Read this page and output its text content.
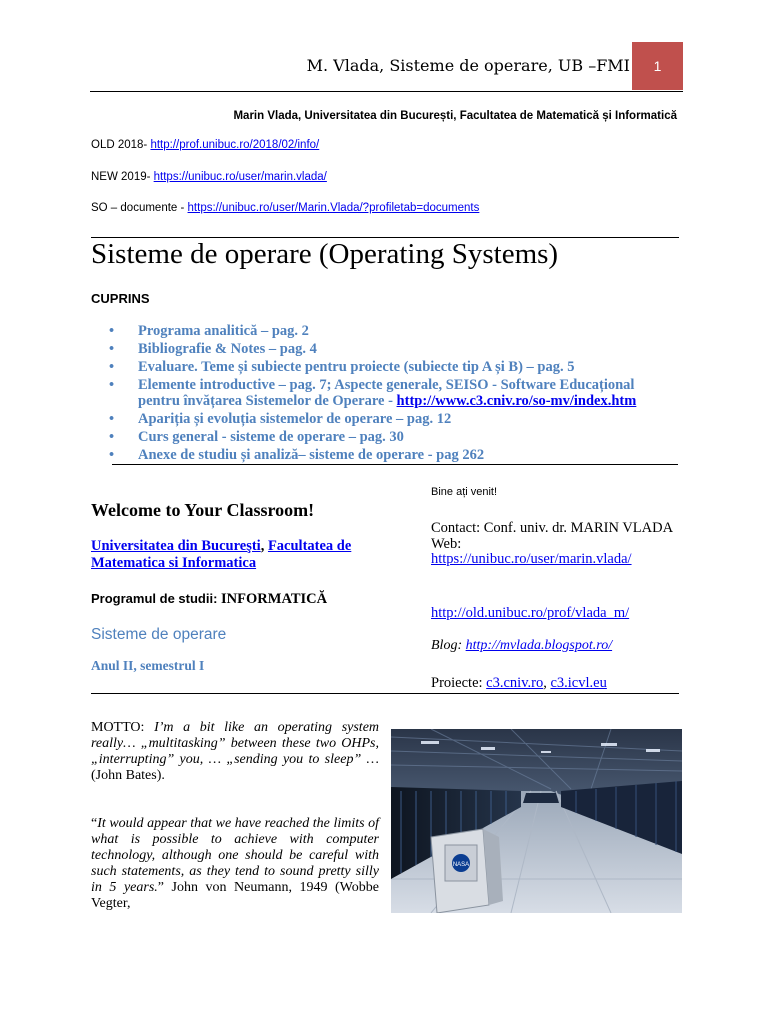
M. Vlada, Sisteme de operare, UB –FMI	1
Marin Vlada, Universitatea din București, Facultatea de Matematică și Informatică
OLD 2018- http://prof.unibuc.ro/2018/02/info/
NEW 2019- https://unibuc.ro/user/marin.vlada/
SO – documente - https://unibuc.ro/user/Marin.Vlada/?profiletab=documents
Sisteme de operare (Operating Systems)
CUPRINS
• Programa analitică – pag. 2
• Bibliografie & Notes – pag. 4
• Evaluare. Teme și subiecte pentru proiecte (subiecte tip A și B) – pag. 5
• Elemente introductive – pag. 7; Aspecte generale, SEISO - Software Educațional pentru învățarea Sistemelor de Operare - http://www.c3.cniv.ro/so-mv/index.htm
• Apariția și evoluția sistemelor de operare – pag. 12
• Curs general - sisteme de operare – pag. 30
• Anexe de studiu și analiză– sisteme de operare - pag 262
Welcome to Your Classroom!
Universitatea din Bucureşti, Facultatea de Matematica si Informatica
Programul de studii: INFORMATICĂ
Sisteme de operare
Anul II, semestrul I
Bine ați venit!
Contact: Conf. univ. dr. MARIN VLADA
Web:
https://unibuc.ro/user/marin.vlada/
http://old.unibuc.ro/prof/vlada_m/
Blog: http://mvlada.blogspot.ro/
Proiecte: c3.cniv.ro, c3.icvl.eu
MOTTO: I’m a bit like an operating system really… „multitasking” between these two OHPs, „interrupting” you, … „sending you to sleep” … (John Bates).
“It would appear that we have reached the limits of what is possible to achieve with computer technology, although one should be careful with such statements, as they tend to sound pretty silly in 5 years.” John von Neumann, 1949 (Wobbe Vegter,
NASA
